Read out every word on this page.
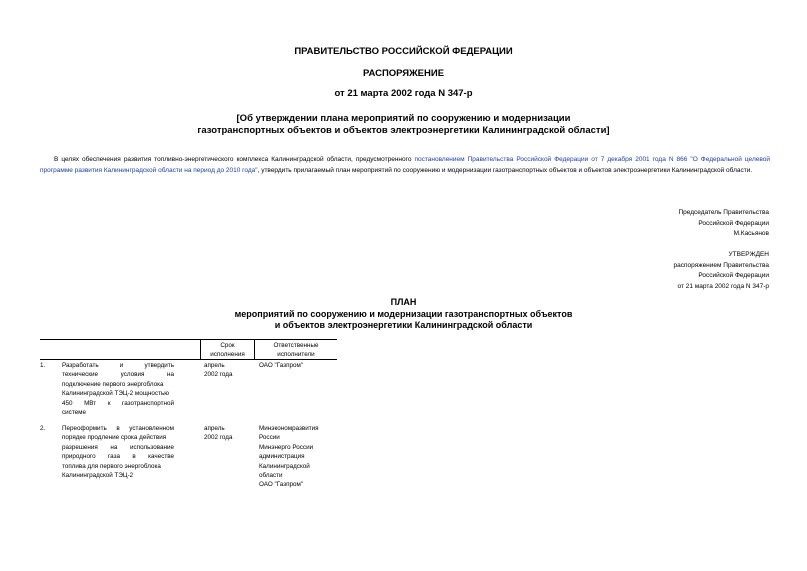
ПРАВИТЕЛЬСТВО РОССИЙСКОЙ ФЕДЕРАЦИИ
РАСПОРЯЖЕНИЕ
от 21 марта 2002 года N 347-р
[Об утверждении плана мероприятий по сооружению и модернизации
газотранспортных объектов и объектов электроэнергетики Калининградской области]
В целях обеспечения развития топливно-энергетического комплекса Калининградской области, предусмотренного постановлением Правительства Российской Федерации от 7 декабря 2001 года N 866 "О Федеральной целевой программе развития Калининградской области на период до 2010 года", утвердить прилагаемый план мероприятий по сооружению и модернизации газотранспортных объектов и объектов электроэнергетики Калининградской области.
Председатель Правительства
Российской Федерации
М.Касьянов
УТВЕРЖДЕН
распоряжением Правительства
Российской Федерации
от 21 марта 2002 года N 347-р
ПЛАН
мероприятий по сооружению и модернизации газотранспортных объектов
и объектов электроэнергетики Калининградской области
Срок
исполнения
Ответственные
исполнители
1.	Разработать и утвердить
технические условия на
подключение первого энергоблока
Калининградской ТЭЦ-2 мощностью
450 МВт к газотранспортной
системе
апрель
2002 года
ОАО "Газпром"
2.	Переоформить в установленном
порядке продление срока действия
разрешения на использование
природного газа в качестве
топлива для первого энергоблока
Калининградской ТЭЦ-2
апрель
2002 года
Минэкономразвития
России
Минэнерго России
администрация
Калининградской
области
ОАО "Газпром"
